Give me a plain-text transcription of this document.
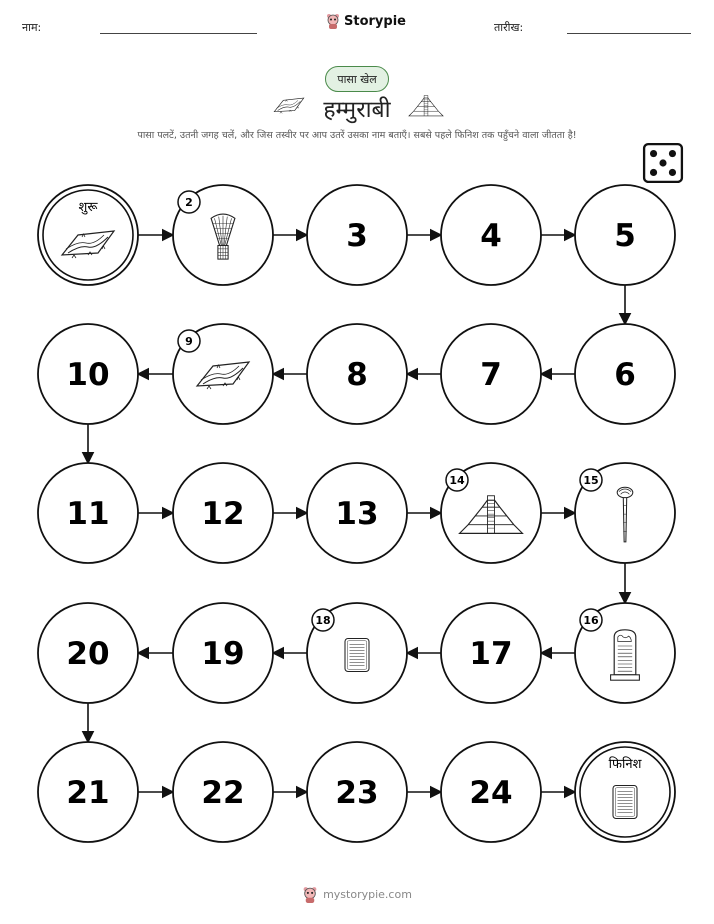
नाम:	Storypie	तारीख:
पासा खेल
हम्मुराबी
पासा पलटें, उतनी जगह चलें, और जिस तस्वीर पर आप उतरें उसका नाम बताएँ। सबसे पहले फिनिश तक पहुँचने वाला जीतता है!
शुरू	2
3	4	5
6
7
8
9
10
11	12	13
14	15
16
17
18
19
20
21	22	23	24
फिनिश
mystorypie.com
